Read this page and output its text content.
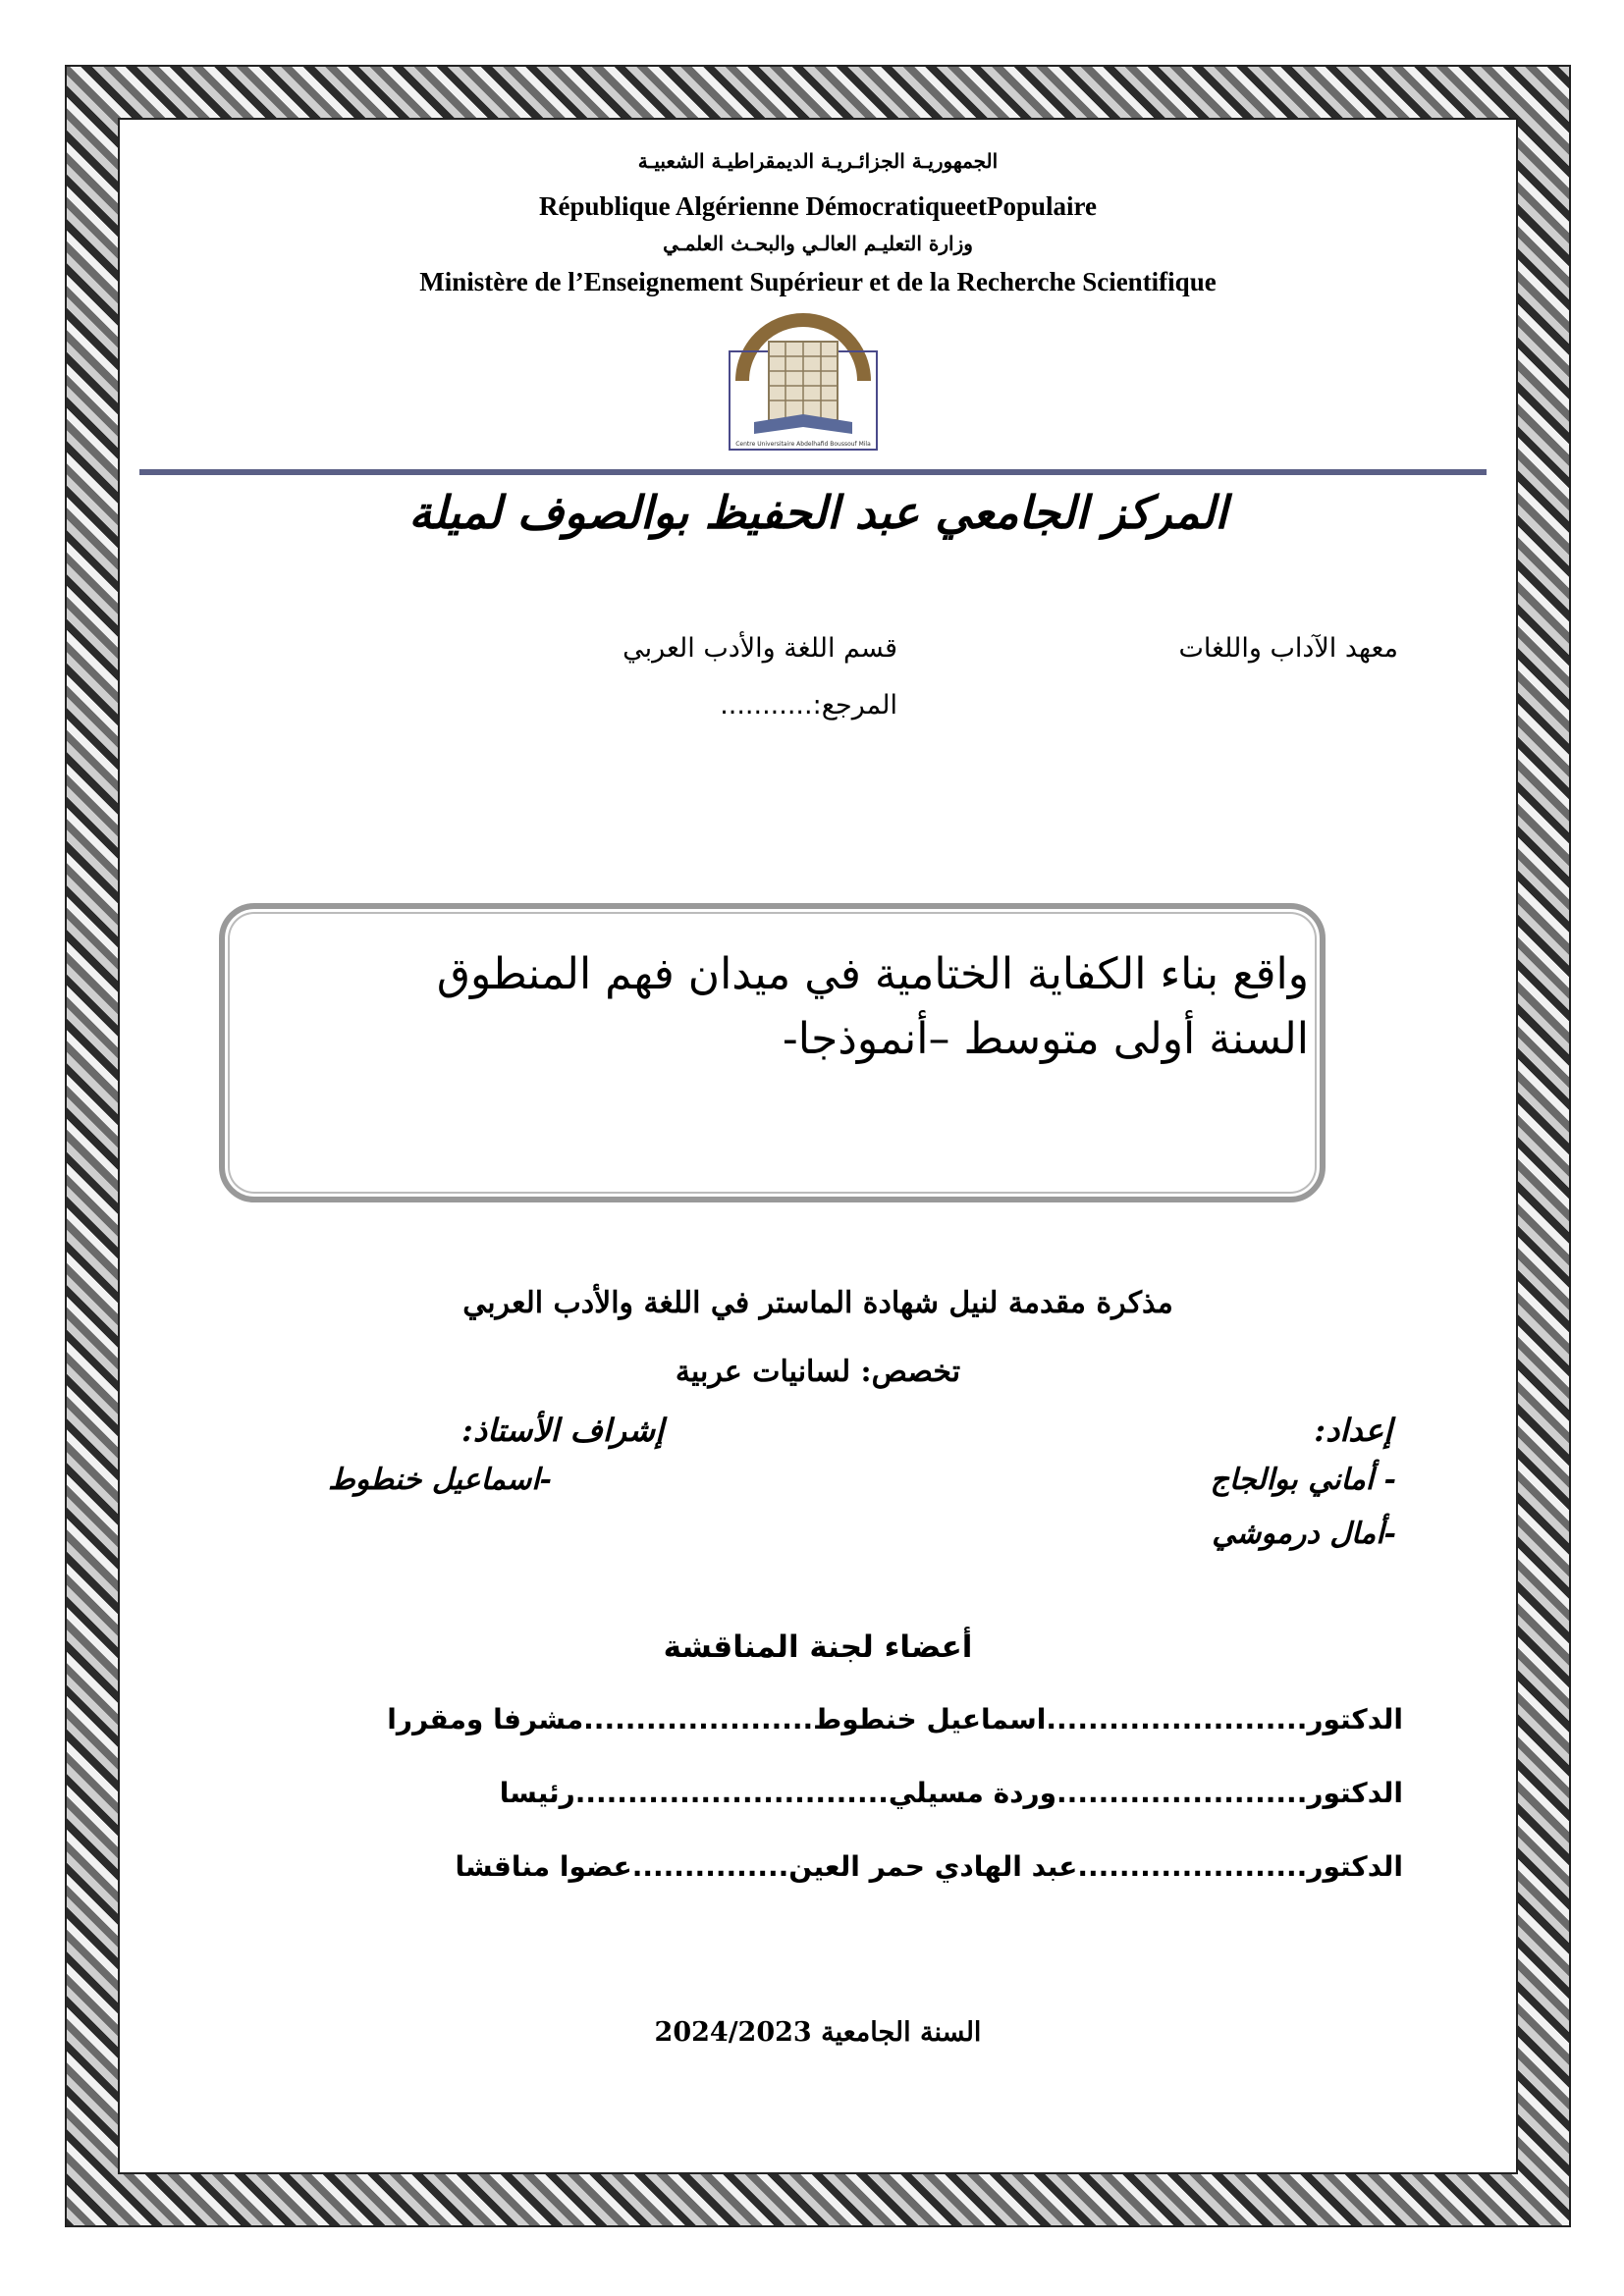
الجمهوريـة الجزائـريـة الديمقراطيـة الشعبيـة
République Algérienne DémocratiqueetPopulaire
وزارة التعليـم العالـي والبحـث العلمـي
Ministère de l’Enseignement Supérieur et de la Recherche Scientifique
Centre Universitaire Abdelhafid Boussouf Mila
المركز الجامعي عبد الحفيظ بوالصوف لميلة
معهد الآداب واللغات
قسم اللغة والأدب العربي
المرجع:...........
واقع بناء الكفاية الختامية في ميدان فهم المنطوق
السنة أولى متوسط –أنموذجا-
مذكرة مقدمة لنيل شهادة الماستر في اللغة والأدب العربي
تخصص: لسانيات عربية
إعداد:
- أماني بوالجاج
-أمال درموشي
إشراف الأستاذ:
-اسماعيل خنطوط
أعضاء لجنة المناقشة
الدكتور.........................اسماعيل خنطوط......................مشرفا ومقررا
الدكتور........................وردة مسيلي..............................رئيسا
الدكتور......................عبد الهادي حمر العين...............عضوا مناقشا
السنة الجامعية 2024/2023
